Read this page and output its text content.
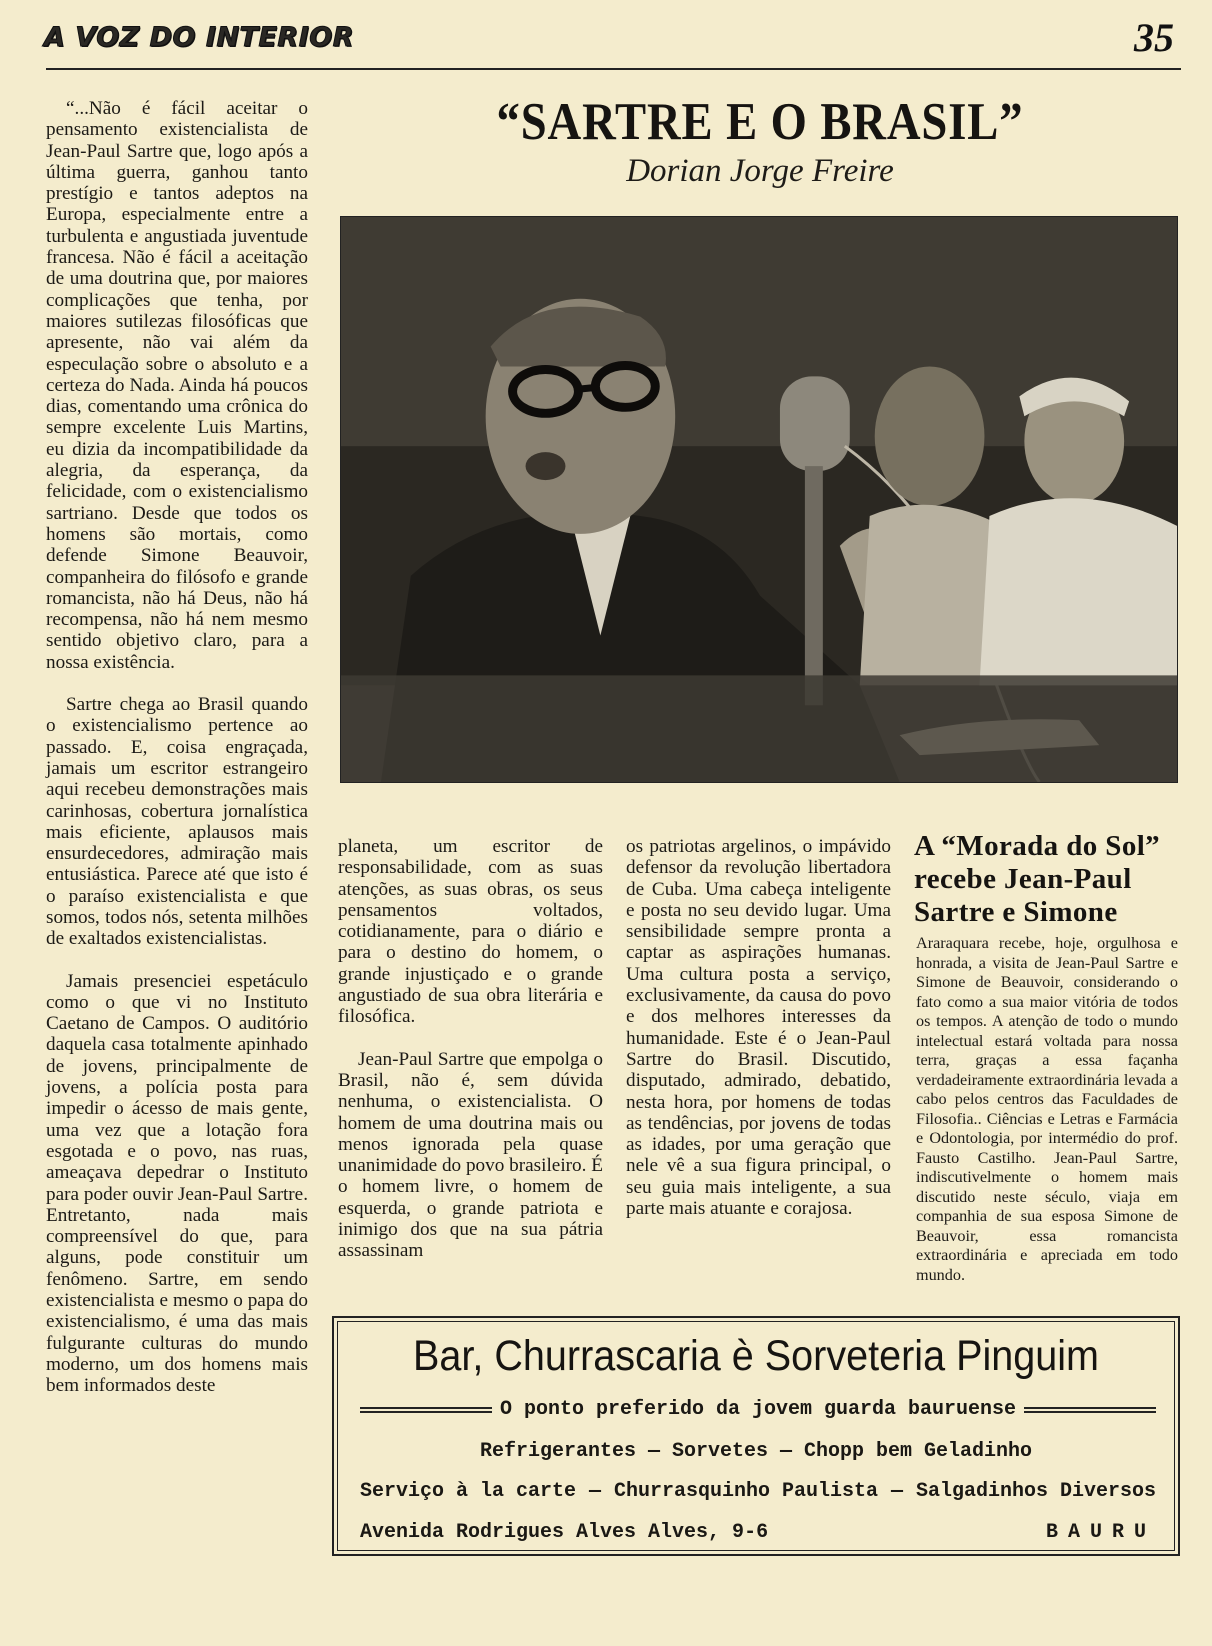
A VOZ DO INTERIOR	35
“SARTRE E O BRASIL”
Dorian Jorge Freire

“...Não é fácil aceitar o pensamento existencialista de Jean-Paul Sartre que, logo após a última guerra, ganhou tanto prestígio e tantos adeptos na Europa, especialmente entre a turbulenta e angustiada juventude francesa. Não é fácil a aceitação de uma doutrina que, por maiores complicações que tenha, por maiores sutilezas filosóficas que apresente, não vai além da especulação sobre o absoluto e a certeza do Nada. Ainda há poucos dias, comentando uma crônica do sempre excelente Luis Martins, eu dizia da incompatibilidade da alegria, da esperança, da felicidade, com o existencialismo sartriano. Desde que todos os homens são mortais, como defende Simone Beauvoir, companheira do filósofo e grande romancista, não há Deus, não há recompensa, não há nem mesmo sentido objetivo claro, para a nossa existência.

Sartre chega ao Brasil quando o existencialismo pertence ao passado. E, coisa engraçada, jamais um escritor estrangeiro aqui recebeu demonstrações mais carinhosas, cobertura jornalística mais eficiente, aplausos mais ensurdecedores, admiração mais entusiástica. Parece até que isto é o paraíso existencialista e que somos, todos nós, setenta milhões de exaltados existencialistas.

Jamais presenciei espetáculo como o que vi no Instituto Caetano de Campos. O auditório daquela casa totalmente apinhado de jovens, principalmente de jovens, a polícia posta para impedir o ácesso de mais gente, uma vez que a lotação fora esgotada e o povo, nas ruas, ameaçava depedrar o Instituto para poder ouvir Jean-Paul Sartre. Entretanto, nada mais compreensível do que, para alguns, pode constituir um fenômeno. Sartre, em sendo existencialista e mesmo o papa do existencialismo, é uma das mais fulgurante culturas do mundo moderno, um dos homens mais bem informados deste

planeta, um escritor de responsabilidade, com as suas atenções, as suas obras, os seus pensamentos voltados, cotidianamente, para o diário e para o destino do homem, o grande injustiçado e o grande angustiado de sua obra literária e filosófica.

Jean-Paul Sartre que empolga o Brasil, não é, sem dúvida nenhuma, o existencialista. O homem de uma doutrina mais ou menos ignorada pela quase unanimidade do povo brasileiro. É o homem livre, o homem de esquerda, o grande patriota e inimigo dos que na sua pátria assassinam

os patriotas argelinos, o impávido defensor da revolução libertadora de Cuba. Uma cabeça inteligente e posta no seu devido lugar. Uma sensibilidade sempre pronta a captar as aspirações humanas. Uma cultura posta a serviço, exclusivamente, da causa do povo e dos melhores interesses da humanidade. Este é o Jean-Paul Sartre do Brasil. Discutido, disputado, admirado, debatido, nesta hora, por homens de todas as tendências, por jovens de todas as idades, por uma geração que nele vê a sua figura principal, o seu guia mais inteligente, a sua parte mais atuante e corajosa.

A “Morada do Sol” recebe Jean-Paul Sartre e Simone
Araraquara recebe, hoje, orgulhosa e honrada, a visita de Jean-Paul Sartre e Simone de Beauvoir, considerando o fato como a sua maior vitória de todos os tempos. A atenção de todo o mundo intelectual estará voltada para nossa terra, graças a essa façanha verdadeiramente extraordinária levada a cabo pelos centros das Faculdades de Filosofia.. Ciências e Letras e Farmácia e Odontologia, por intermédio do prof. Fausto Castilho. Jean-Paul Sartre, indiscutivelmente o homem mais discutido neste século, viaja em companhia de sua esposa Simone de Beauvoir, essa romancista extraordinária e apreciada em todo mundo.
Bar, Churrascaria è Sorveteria Pinguim
O ponto preferido da jovem guarda bauruense
Refrigerantes — Sorvetes — Chopp bem Geladinho
Serviço à la carte — Churrasquinho Paulista — Salgadinhos Diversos
Avenida Rodrigues Alves Alves, 9-6	BAURU
